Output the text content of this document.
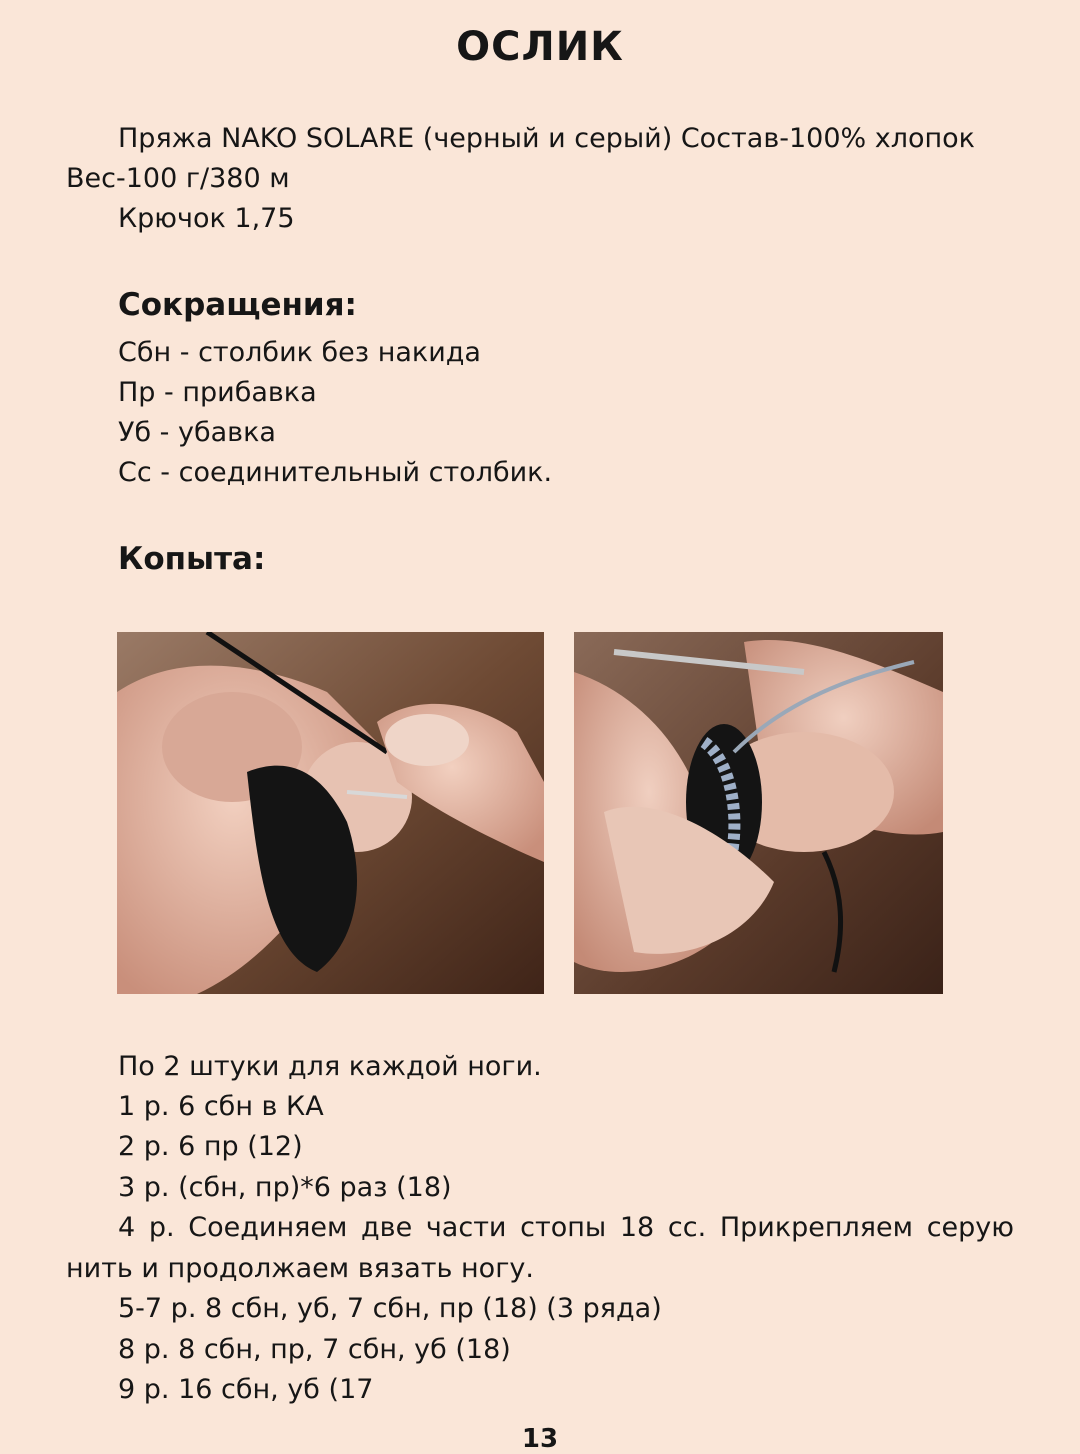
ОСЛИК
Пряжа NAKO SOLARE (черный и серый) Состав-100% хлопок
Вес-100 г/380 м
Крючок 1,75
Сокращения:
Сбн - столбик без накида
Пр - прибавка
Уб - убавка
Сс - соединительный столбик.
Копыта:
По 2 штуки для каждой ноги.
1 р. 6 сбн в КА
2 р. 6 пр (12)
3 р. (сбн, пр)*6 раз (18)
4 р. Соединяем две части стопы 18 сс. Прикрепляем серую
нить и продолжаем вязать ногу.
5-7 р. 8 сбн, уб, 7 сбн, пр (18) (3 ряда)
8 р. 8 сбн, пр, 7 сбн, уб (18)
9 р. 16 сбн, уб (17
13
